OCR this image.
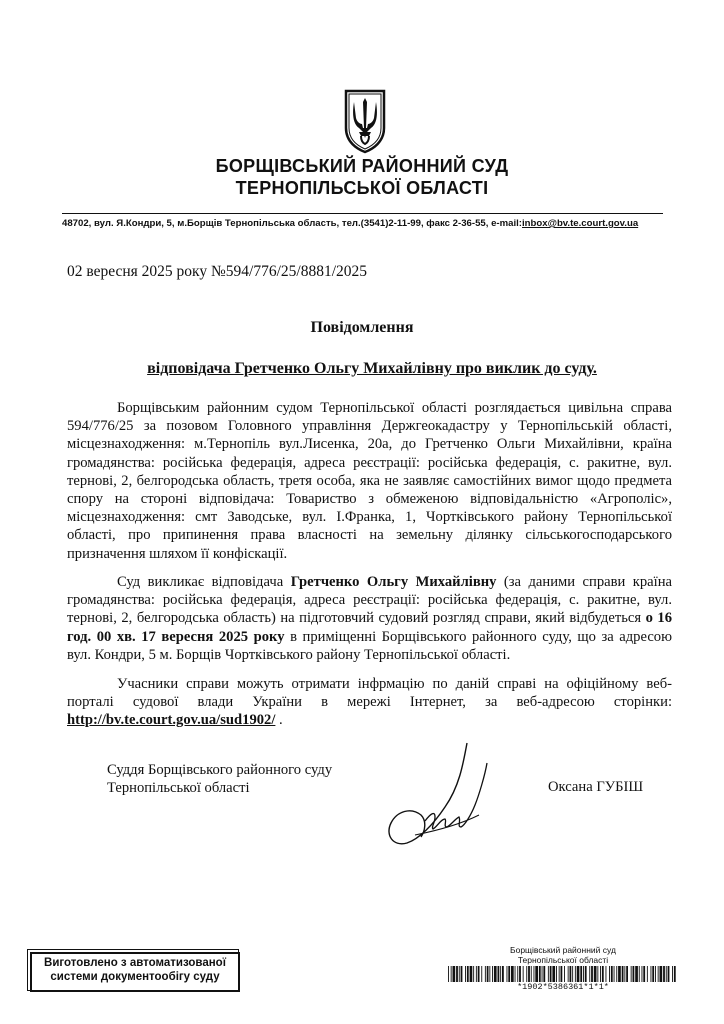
БОРЩІВСЬКИЙ РАЙОННИЙ СУД
ТЕРНОПІЛЬСЬКОЇ ОБЛАСТІ
48702, вул. Я.Кондри, 5, м.Борщів Тернопільська область, тел.(3541)2-11-99, факс 2-36-55, e-mail:inbox@bv.te.court.gov.ua
02 вересня 2025 року №594/776/25/8881/2025
Повідомлення
відповідача Гретченко Ольгу Михайлівну про виклик до суду.
Борщівським районним судом Тернопільської області розглядається цивільна справа 594/776/25 за позовом Головного управління Держгеокадастру у Тернопільській області, місцезнаходження: м.Тернопіль вул.Лисенка, 20а, до Гретченко Ольги Михайлівни, країна громадянства: російська федерація, адреса реєстрації: російська федерація, с. ракитне, вул. тернові, 2, белгородська область, третя особа, яка не заявляє самостійних вимог щодо предмета спору на стороні відповідача: Товариство з обмеженою відповідальністю «Агрополіс», місцезнаходження: смт Заводське, вул. І.Франка, 1, Чортківського району Тернопільської області, про припинення права власності на земельну ділянку сільськогосподарського призначення шляхом її конфіскації.
Суд викликає відповідача Гретченко Ольгу Михайлівну (за даними справи країна громадянства: російська федерація, адреса реєстрації: російська федерація, с. ракитне, вул. тернові, 2, белгородська область) на підготовчий судовий розгляд справи, який відбудеться о 16 год. 00 хв. 17 вересня 2025 року в приміщенні Борщівського районного суду, що за адресою вул. Кондри, 5 м. Борщів Чортківського району Тернопільської області.
Учасники справи можуть отримати інфрмацію по даній справі на офіційному веб-порталі судової влади України в мережі Інтернет, за веб-адресою сторінки: http://bv.te.court.gov.ua/sud1902/ .
Суддя Борщівського районного суду
Тернопільської області	Оксана ГУБІШ
Виготовлено з автоматизованої
системи документообігу суду
Борщівський районний суд
Тернопільської області
*1902*5386361*1*1*
